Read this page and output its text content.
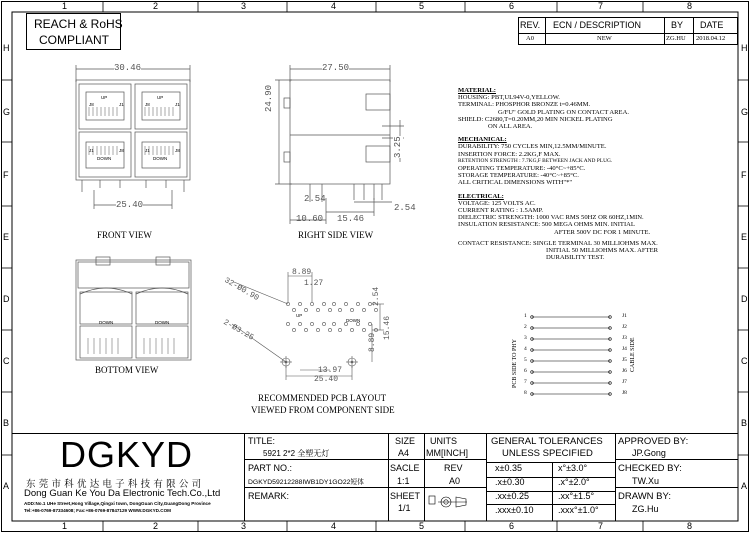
1	2	3	4	5	6	7	8
1	2	3	4	5	6	7	8
H
G
F
E
D
C
B
A
H
G
F
E
D
C
B
A
REACH & RoHS
COMPLIANT
REV. ECN / DESCRIPTION	BY DATE
A0	NEW	ZG.HU 2018.04.12
30.46
25.40
UP	UP
DOWN	DOWN
J8	J1	J8	J1
J1	J8	J1	J8
FRONT VIEW
27.50
24.90
3.25
2.54
2.54
10.60 15.46
RIGHT SIDE VIEW
DOWN	DOWN
BOTTOM VIEW
32-Ø0.90
2-Ø3.25
8.89
1.27
2.54
15.46
8.89
13.97
25.40
UP
DOWN
RECOMMENDED PCB LAYOUT
VIEWED FROM COMPONENT SIDE
MATERIAL:
HOUSING: PBT,UL94V-0,YELLOW.
TERMINAL: PHOSPHOR BRONZE t=0.46MM.
G/FU" GOLD PLATING ON CONTACT AREA.
SHIELD: C2680,T=0.20MM,20 MIN NICKEL PLATING
ON ALL AREA.
MECHANICAL:
DURABILITY: 750 CYCLES MIN,12.5MM/MINUTE.
INSERTION FORCE: 2.2KG,F MAX.
RETENTION STRENGTH : 7.7KG,F BETWEEN JACK AND PLUG.
OPERATING TEMPERATURE: -40°C~+85°C.
STORAGE TEMPERATURE: -40°C~+85°C.
ALL CRITICAL DIMENSIONS WITH"*"
ELECTRICAL:
VOLTAGE: 125 VOLTS AC.
CURRENT RATING : 1.5AMP.
DIELECTRIC STRENGTH: 1000 VAC RMS 50HZ OR 60HZ,1MIN.
INSULATION RESISTANCE: 500 MEGA OHMS MIN. INITIAL
AFTER 500V DC FOR 1 MINUTE.
CONTACT RESISTANCE: SINGLE TERMINAL 30 MILLIOHMS MAX.
INITIAL 50 MILLIOHMS MAX. AFTER
DURABILITY TEST.
1
2
3
4
5
6
7
8
J1
J2
J3
J4
J5
J6
J7
J8
PCB SIDE TO PHY	CABLE SIDE
DGKYD
东 莞 市 科 优 达 电 子 科 技 有 限 公 司
Dong Guan Ke You Da Electronic Tech.Co.,Ltd
ADD:No.1 UHe Street,Hong Village,Qingxi town, DongGuan City,GuangDong Province
Tel:+86-0769-87334608; Fax:+86-0769-87847129 WWW.DGKYD.COM
TITLE:
5921 2*2 全塑无灯
PART NO.:
DGKYD59212288IWB1DY1GO22短体
REMARK:
SIZE
A4
UNITS
MM[INCH]
SACLE
1:1
REV
A0
SHEET
1/1
GENERAL TOLERANCES
UNLESS SPECIFIED
x±0.35	x°±3.0°
.x±0.30	.x°±2.0°
.xx±0.25	.xx°±1.5°
.xxx±0.10	.xxx°±1.0°
APPROVED BY:
JP.Gong
CHECKED BY:
TW.Xu
DRAWN BY:
ZG.Hu
